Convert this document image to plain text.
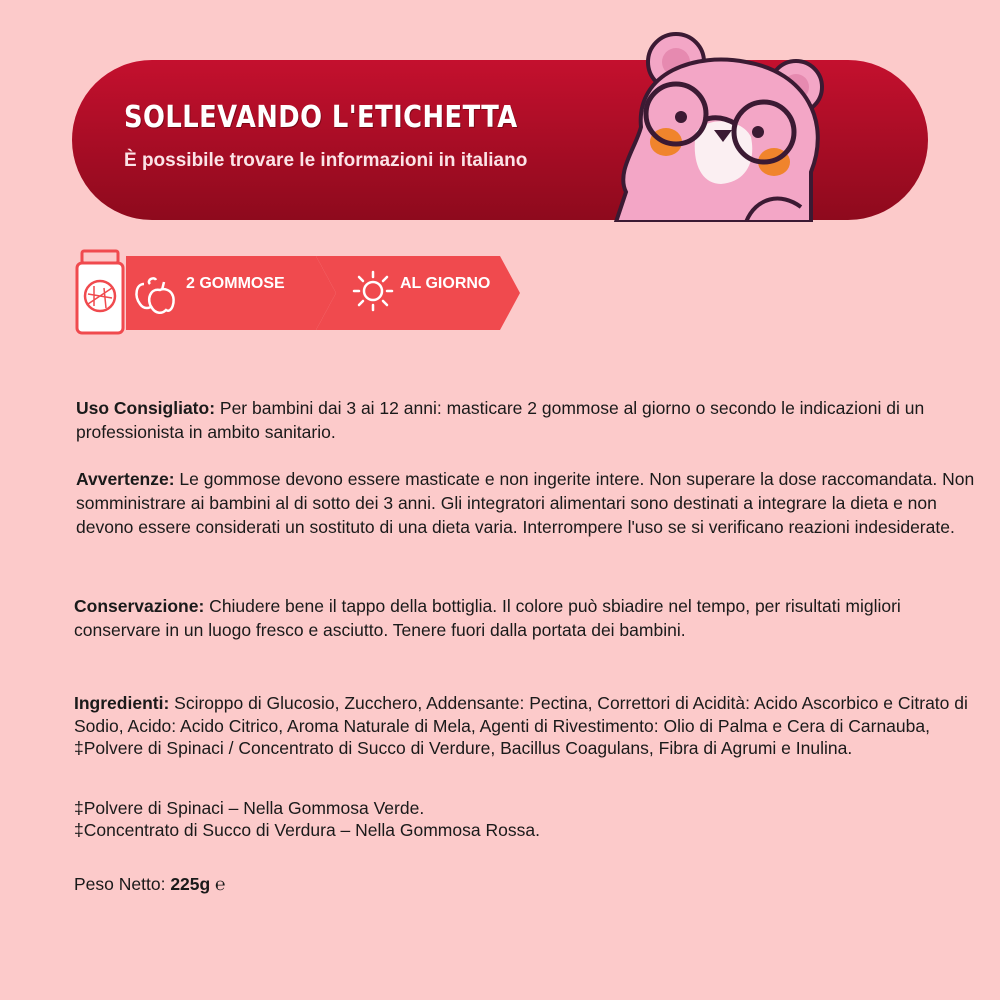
SOLLEVANDO L'ETICHETTA
È possibile trovare le informazioni in italiano
2 GOMMOSE	AL GIORNO

Uso Consigliato: Per bambini dai 3 ai 12 anni: masticare 2 gommose al giorno o secondo le indicazioni di un professionista in ambito sanitario.

Avvertenze: Le gommose devono essere masticate e non ingerite intere. Non superare la dose raccomandata. Non somministrare ai bambini al di sotto dei 3 anni. Gli integratori alimentari sono destinati a integrare la dieta e non devono essere considerati un sostituto di una dieta varia. Interrompere l'uso se si verificano reazioni indesiderate.

Conservazione: Chiudere bene il tappo della bottiglia. Il colore può sbiadire nel tempo, per risultati migliori conservare in un luogo fresco e asciutto. Tenere fuori dalla portata dei bambini.

Ingredienti: Sciroppo di Glucosio, Zucchero, Addensante: Pectina, Correttori di Acidità: Acido Ascorbico e Citrato di Sodio, Acido: Acido Citrico, Aroma Naturale di Mela, Agenti di Rivestimento: Olio di Palma e Cera di Carnauba, ‡Polvere di Spinaci / Concentrato di Succo di Verdure, Bacillus Coagulans, Fibra di Agrumi e Inulina.

‡Polvere di Spinaci – Nella Gommosa Verde.

‡Concentrato di Succo di Verdura – Nella Gommosa Rossa.

Peso Netto: 225g ℮
